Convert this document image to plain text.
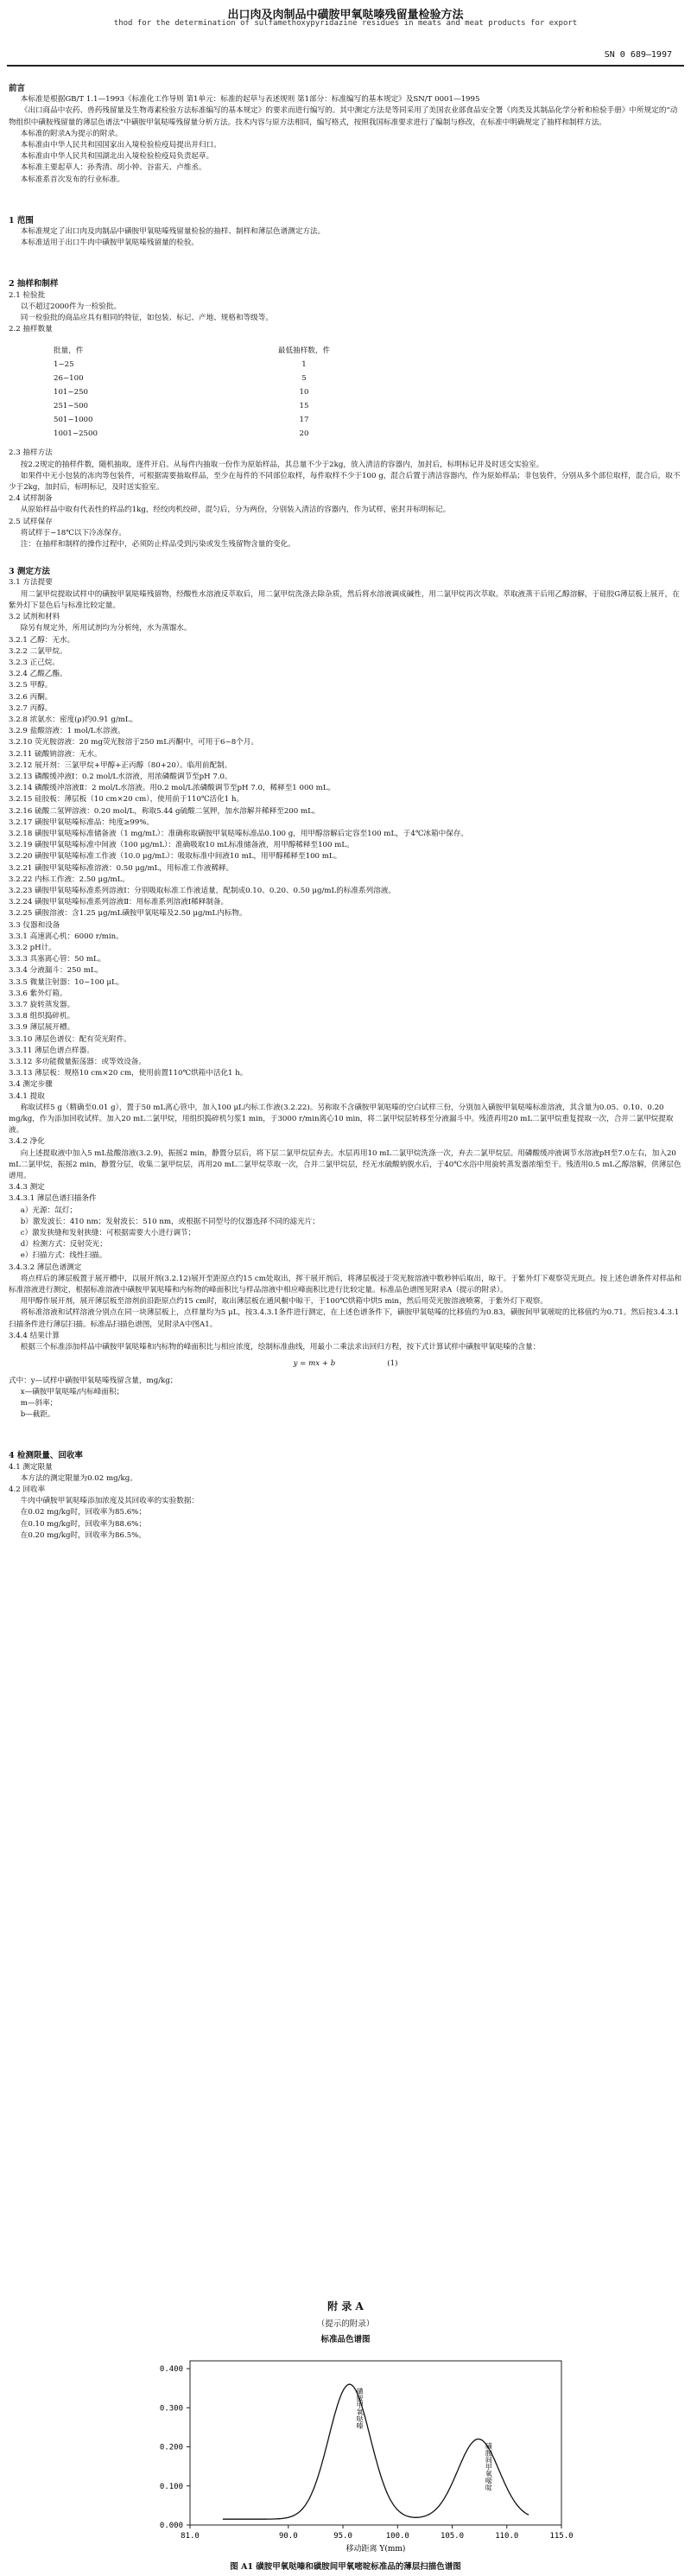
出口肉及肉制品中磺胺甲氧哒嗪残留量检验方法
thod for the determination of sulfamethoxypyridazine residues in meats and meat products for export
SN 0 689—1997

前言

本标准是根据GB/T 1.1—1993《标准化工作导则 第1单元：标准的起草与表述规则 第1部分：标准编写的基本规定》及SN/T 0001—1995

《出口商品中农药、兽药残留量及生物毒素检验方法标准编写的基本规定》的要求而进行编写的。其中测定方法是等同采用了美国农业部食品安全署《肉类及其制品化学分析和检验手册》中所规定的“动物组织中磺胺残留量的薄层色谱法”中磺胺甲氧哒嗪残留量分析方法。技术内容与原方法相同，编写格式，按照我国标准要求进行了编制与修改，在标准中明确规定了抽样和制样方法。

本标准的附录A为提示的附录。

本标准由中华人民共和国国家出入境检验检疫局提出并归口。

本标准由中华人民共和国湖北出入境检验检疫局负责起草。

本标准主要起草人：孙秀清、胡小钟、谷雷天、卢维丞。

本标准系首次发布的行业标准。

1 范围

本标准规定了出口肉及肉制品中磺胺甲氧哒嗪残留量检验的抽样、制样和薄层色谱测定方法。

本标准适用于出口牛肉中磺胺甲氧哒嗪残留量的检验。

2 抽样和制样

2.1 检验批

以不超过2000件为一检验批。

同一检验批的商品应具有相同的特征，如包装、标记、产地、规格和等级等。

2.2 抽样数量

批量，件	最低抽样数，件
1~25	1
26~100	5
101~250	10
251~500	15
501~1000	17
1001~2500	20

2.3 抽样方法

按2.2规定的抽样件数，随机抽取，逐件开启。从每件内抽取一份作为原始样品，其总量不少于2kg，放入清洁的容器内，加封后，标明标记并及时送交实验室。

如果件中无小包装的冻肉等包装件，可根据需要抽取样品，至少在每件的不同部位取样，每件取样不少于100 g，混合后置于清洁容器内，作为原始样品；非包装件，分别从多个部位取样，混合后，取不少于2kg，加封后，标明标记，及时送实验室。

2.4 试样制备

从原始样品中取有代表性的样品约1kg，经绞肉机绞碎，混匀后，分为两份，分别装入清洁的容器内，作为试样，密封并标明标记。

2.5 试样保存

将试样于−18℃以下冷冻保存。

注：在抽样和制样的操作过程中，必须防止样品受到污染或发生残留物含量的变化。

3 测定方法

3.1 方法提要

用二氯甲烷提取试样中的磺胺甲氧哒嗪残留物，经酸性水溶液反萃取后，用二氯甲烷洗涤去除杂质，然后将水溶液调成碱性，用二氯甲烷再次萃取。萃取液蒸干后用乙醇溶解，于硅胶G薄层板上展开，在紫外灯下显色后与标准比较定量。

3.2 试剂和材料

除另有规定外，所用试剂均为分析纯，水为蒸馏水。

3.2.1 乙醇：无水。

3.2.2 二氯甲烷。

3.2.3 正己烷。

3.2.4 乙酸乙酯。

3.2.5 甲醇。

3.2.6 丙酮。

3.2.7 丙醇。

3.2.8 浓氨水：密度(ρ)约0.91 g/mL。

3.2.9 盐酸溶液：1 mol/L水溶液。

3.2.10 荧光胺溶液：20 mg荧光胺溶于250 mL丙酮中，可用于6~8个月。

3.2.11 硫酸钠溶液：无水。

3.2.12 展开剂：三氯甲烷+甲醇+正丙醇（80+20）。临用前配制。

3.2.13 磷酸缓冲液Ⅰ：0.2 mol/L水溶液，用浓磷酸调节至pH 7.0。

3.2.14 磷酸缓冲溶液Ⅱ：2 mol/L水溶液。用0.2 mol/L浓磷酸调节至pH 7.0，稀释至1 000 mL。

3.2.15 硅胶板：薄层板（10 cm×20 cm），使用前于110℃活化1 h。

3.2.16 硫酸二氢钾溶液：0.20 mol/L，称取5.44 g硫酸二氢钾，加水溶解并稀释至200 mL。

3.2.17 磺胺甲氧哒嗪标准品：纯度≥99%。

3.2.18 磺胺甲氧哒嗪标准储备液（1 mg/mL）：准确称取磺胺甲氧哒嗪标准品0.100 g，用甲醇溶解后定容至100 mL，于4℃冰箱中保存。

3.2.19 磺胺甲氧哒嗪标准中间液（100 μg/mL）：准确吸取10 mL标准储备液，用甲醇稀释至100 mL。

3.2.20 磺胺甲氧哒嗪标准工作液（10.0 μg/mL）：吸取标准中间液10 mL，用甲醇稀释至100 mL。

3.2.21 磺胺甲氧哒嗪标准溶液：0.50 μg/mL，用标准工作液稀释。

3.2.22 内标工作液：2.50 μg/mL。

3.2.23 磺胺甲氧哒嗪标准系列溶液Ⅰ：分别吸取标准工作液适量，配制成0.10、0.20、0.50 μg/mL的标准系列溶液。

3.2.24 磺胺甲氧哒嗪标准系列溶液Ⅱ：用标准系列溶液Ⅰ稀释制备。

3.2.25 磺胺溶液：含1.25 μg/mL磺胺甲氧哒嗪及2.50 μg/mL内标物。

3.3 仪器和设备

3.3.1 高速离心机：6000 r/min。

3.3.2 pH计。

3.3.3 具塞离心管：50 mL。

3.3.4 分液漏斗：250 mL。

3.3.5 微量注射器：10~100 μL。

3.3.6 紫外灯箱。

3.3.7 旋转蒸发器。

3.3.8 组织捣碎机。

3.3.9 薄层展开槽。

3.3.10 薄层色谱仪：配有荧光附件。

3.3.11 薄层色谱点样器。

3.3.12 多功能微量振荡器：或等效设备。

3.3.13 薄层板：规格10 cm×20 cm，使用前置110℃烘箱中活化1 h。

3.4 测定步骤

3.4.1 提取

称取试样5 g（精确至0.01 g），置于50 mL离心管中，加入100 μL内标工作液(3.2.22)。另称取不含磺胺甲氧哒嗪的空白试样三份，分别加入磺胺甲氧哒嗪标准溶液，其含量为0.05、0.10、0.20 mg/kg，作为添加回收试样。加入20 mL二氯甲烷，用组织捣碎机匀浆1 min，于3000 r/min离心10 min，将二氯甲烷层转移至分液漏斗中。残渣再用20 mL二氯甲烷重复提取一次，合并二氯甲烷提取液。

3.4.2 净化

向上述提取液中加入5 mL盐酸溶液(3.2.9)，振摇2 min，静置分层后，将下层二氯甲烷层弃去。水层再用10 mL二氯甲烷洗涤一次，弃去二氯甲烷层。用磷酸缓冲液调节水溶液pH至7.0左右，加入20 mL二氯甲烷，振摇2 min，静置分层，收集二氯甲烷层，再用20 mL二氯甲烷萃取一次，合并二氯甲烷层，经无水硫酸钠脱水后，于40℃水浴中用旋转蒸发器浓缩至干。残渣用0.5 mL乙醇溶解，供薄层色谱用。

3.4.3 测定

3.4.3.1 薄层色谱扫描条件

a）光源：氙灯；

b）激发波长：410 nm；发射波长：510 nm，或根据不同型号的仪器选择不同的滤光片；

c）激发狭缝和发射狭缝：可根据需要大小进行调节；

d）检测方式：反射荧光；

e）扫描方式：线性扫描。

3.4.3.2 薄层色谱测定

将点样后的薄层板置于展开槽中，以展开剂(3.2.12)展开至距原点约15 cm处取出，挥干展开剂后，将薄层板浸于荧光胺溶液中数秒钟后取出，晾干。于紫外灯下观察荧光斑点。按上述色谱条件对样品和标准溶液进行测定，根据标准溶液中磺胺甲氧哒嗪和内标物的峰面积比与样品溶液中相应峰面积比进行比较定量。标准品色谱图见附录A（提示的附录）。

用甲醇作展开剂，展开薄层板至溶剂前沿距原点约15 cm时，取出薄层板在通风橱中晾干，于100℃烘箱中烘5 min，然后用荧光胺溶液喷雾，于紫外灯下观察。

将标准溶液和试样溶液分别点在同一块薄层板上，点样量均为5 μL，按3.4.3.1条件进行测定，在上述色谱条件下，磺胺甲氧哒嗪的比移值约为0.83，磺胺间甲氧嘧啶的比移值约为0.71。然后按3.4.3.1扫描条件进行薄层扫描。标准品扫描色谱图，见附录A中图A1。

3.4.4 结果计算

根据三个标准添加样品中磺胺甲氧哒嗪和内标物的峰面积比与相应浓度，绘制标准曲线，用最小二乘法求出回归方程，按下式计算试样中磺胺甲氧哒嗪的含量：

y = mx + b	(1)

式中：y—试样中磺胺甲氧哒嗪残留含量，mg/kg；

x—磺胺甲氧哒嗪/内标峰面积；

m—斜率；

b—截距。

4 检测限量、回收率

4.1 测定限量

本方法的测定限量为0.02 mg/kg。

4.2 回收率

牛肉中磺胺甲氧哒嗪添加浓度及其回收率的实验数据：

在0.02 mg/kg时，回收率为85.6%；

在0.10 mg/kg时，回收率为88.6%；

在0.20 mg/kg时，回收率为86.5%。

附 录 A
（提示的附录）
标准品色谱图
0.400
0.300
0.200
0.100
0.000
81.0	90.0	95.0	100.0	105.0	110.0	115.0
移动距离 Y(mm)
磺胺甲氧哒嗪
磺胺间甲氧嘧啶
图 A1 磺胺甲氧哒嗪和磺胺间甲氧嘧啶标准品的薄层扫描色谱图
